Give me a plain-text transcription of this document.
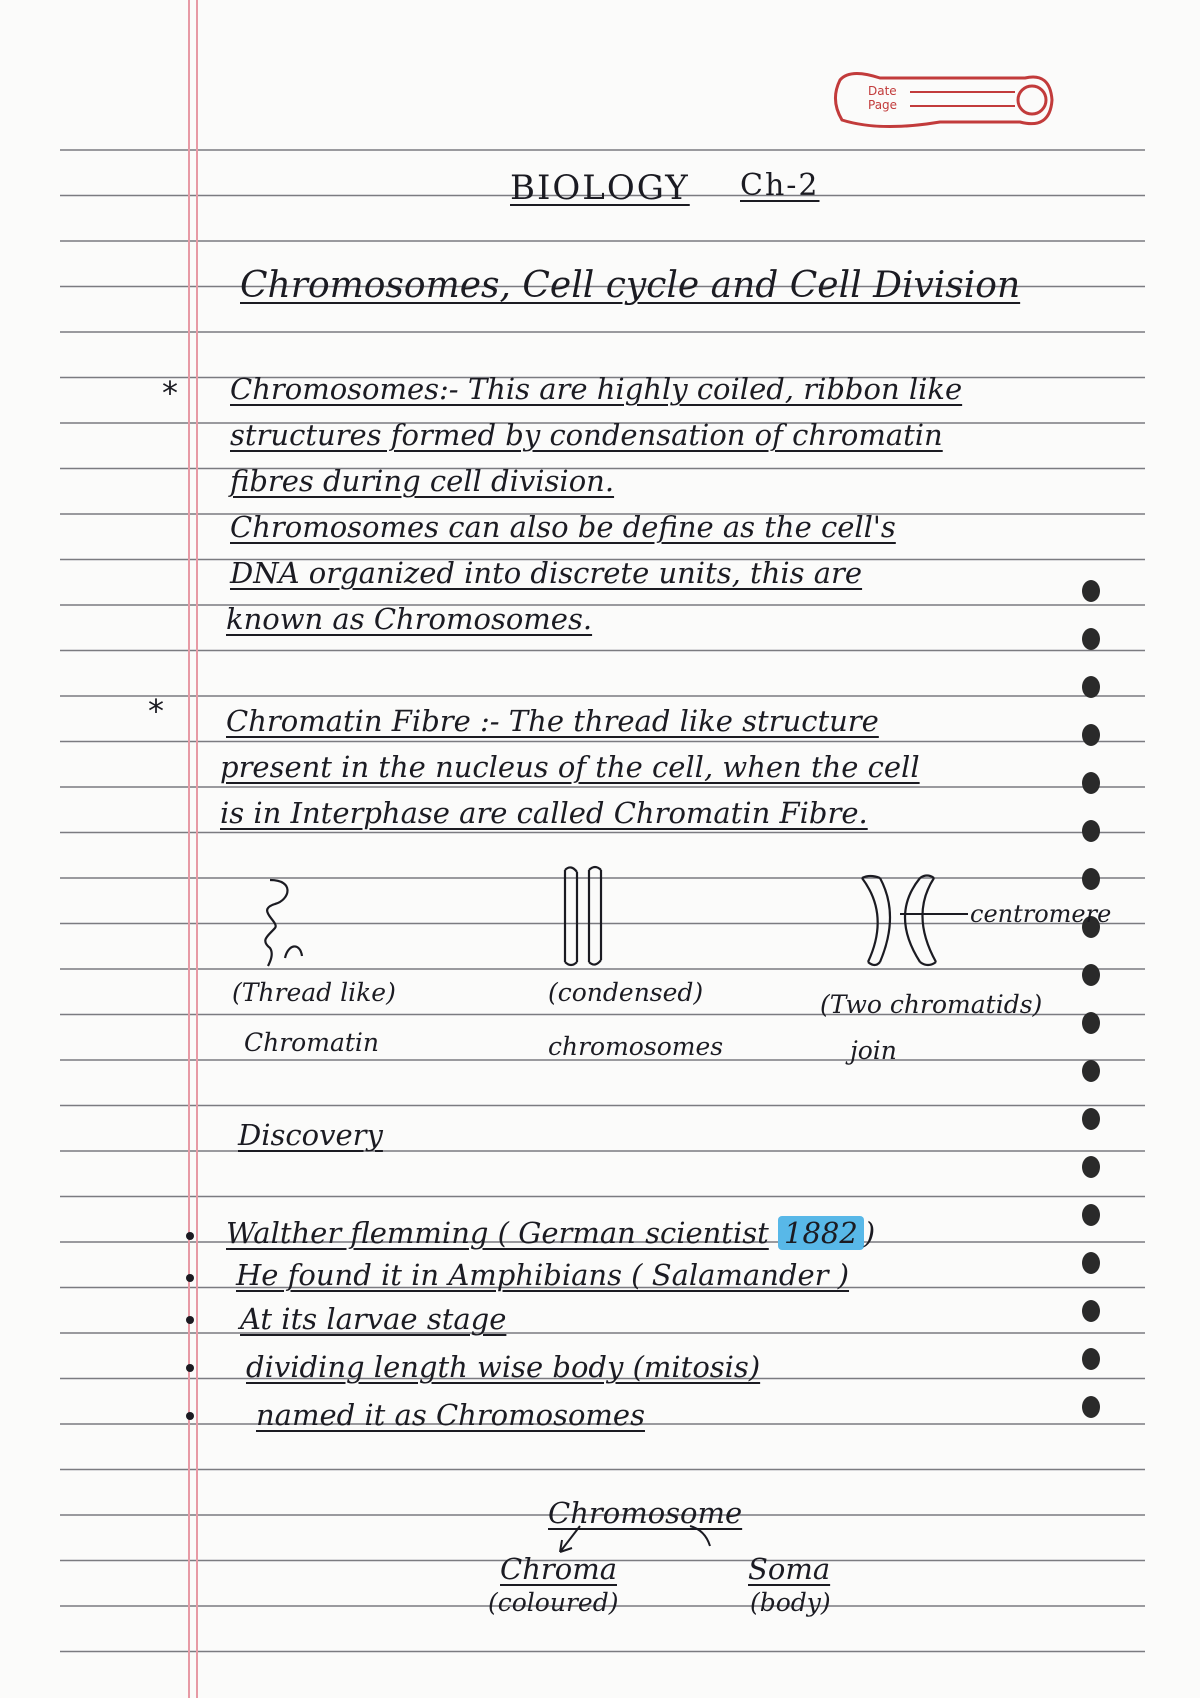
Date
Page
BIOLOGY Ch-2
Chromosomes, Cell cycle and Cell Division
* Chromosomes:- This are highly coiled, ribbon like
structures formed by condensation of chromatin
fibres during cell division.
Chromosomes can also be define as the cell's
DNA organized into discrete units, this are
known as Chromosomes.
* Chromatin Fibre :- The thread like structure
present in the nucleus of the cell, when the cell
is in Interphase are called Chromatin Fibre.
centromere
(Thread like)
Chromatin
(condensed)
chromosomes
(Two chromatids)
join
Discovery
Walther flemming ( German scientist 1882 )
He found it in Amphibians ( Salamander )
At its larvae stage
dividing length wise body (mitosis)
named it as Chromosomes
Chromosome
Chroma
(coloured)
Soma
(body)
